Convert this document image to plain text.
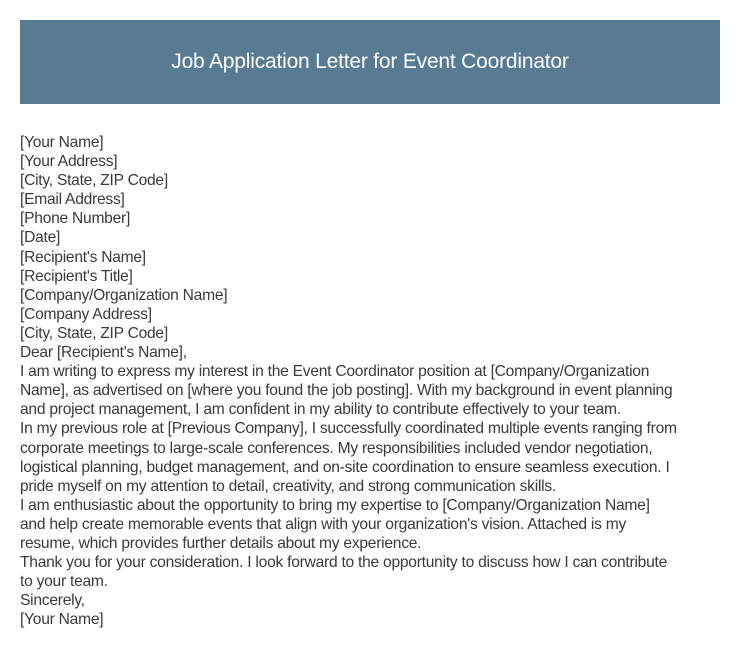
Job Application Letter for Event Coordinator
[Your Name]
[Your Address]
[City, State, ZIP Code]
[Email Address]
[Phone Number]
[Date]
[Recipient's Name]
[Recipient's Title]
[Company/Organization Name]
[Company Address]
[City, State, ZIP Code]
Dear [Recipient's Name],
I am writing to express my interest in the Event Coordinator position at [Company/Organization
Name], as advertised on [where you found the job posting]. With my background in event planning
and project management, I am confident in my ability to contribute effectively to your team.
In my previous role at [Previous Company], I successfully coordinated multiple events ranging from
corporate meetings to large-scale conferences. My responsibilities included vendor negotiation,
logistical planning, budget management, and on-site coordination to ensure seamless execution. I
pride myself on my attention to detail, creativity, and strong communication skills.
I am enthusiastic about the opportunity to bring my expertise to [Company/Organization Name]
and help create memorable events that align with your organization's vision. Attached is my
resume, which provides further details about my experience.
Thank you for your consideration. I look forward to the opportunity to discuss how I can contribute
to your team.
Sincerely,
[Your Name]
